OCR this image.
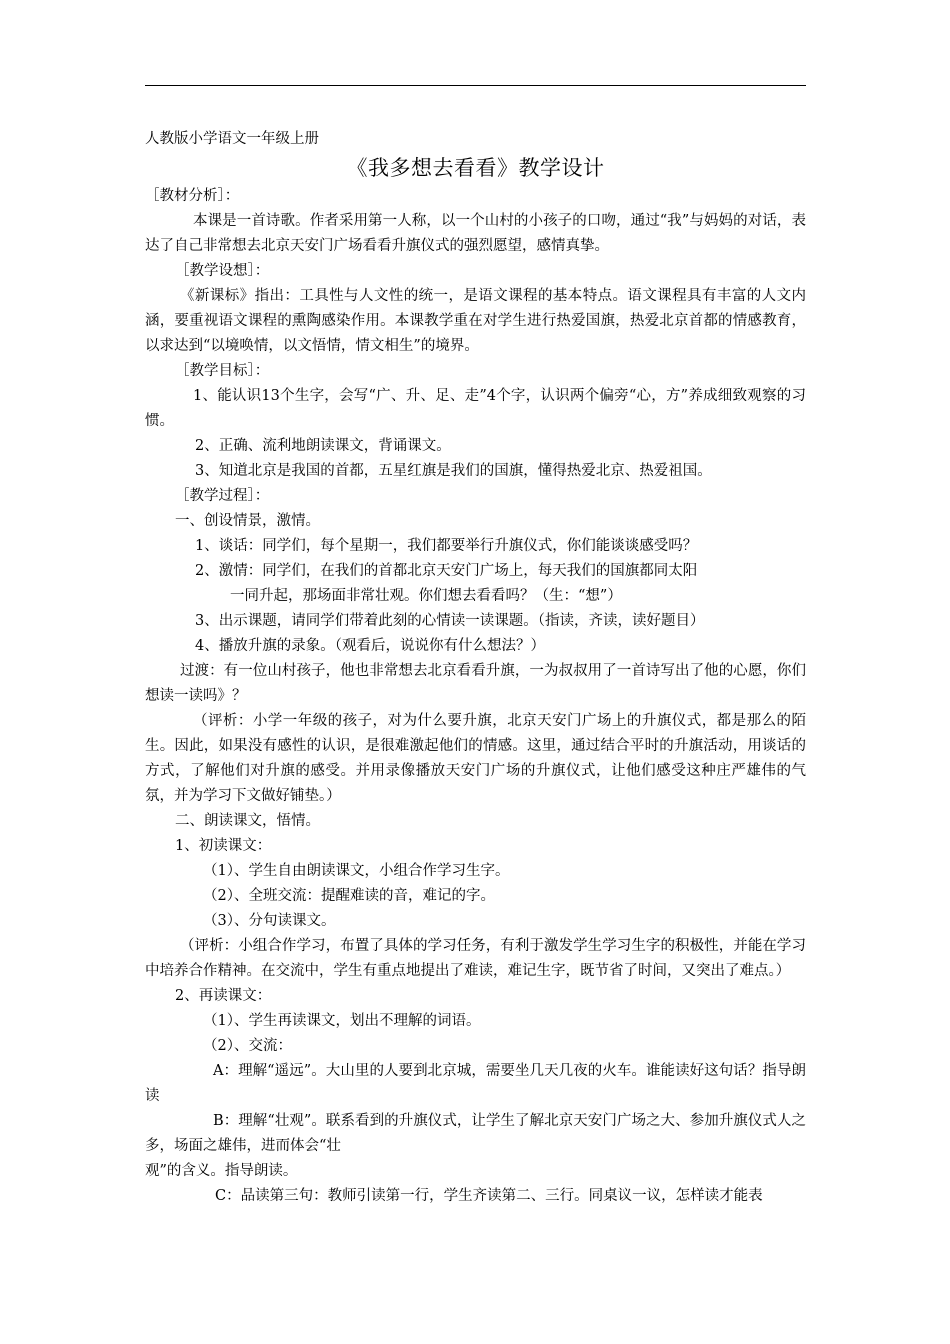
人教版小学语文一年级上册

《我多想去看看》教学设计

［教材分析］：

本课是一首诗歌。作者采用第一人称，以一个山村的小孩子的口吻，通过“我”与妈妈的对话，表达了自己非常想去北京天安门广场看看升旗仪式的强烈愿望，感情真挚。

［教学设想］：

《新课标》指出：工具性与人文性的统一，是语文课程的基本特点。语文课程具有丰富的人文内涵，要重视语文课程的熏陶感染作用。本课教学重在对学生进行热爱国旗，热爱北京首都的情感教育，以求达到“以境唤情，以文悟情，情文相生”的境界。

［教学目标］：

1、能认识13个生字，会写“广、升、足、走”4个字，认识两个偏旁“心，方”养成细致观察的习惯。

2、正确、流利地朗读课文，背诵课文。

3、知道北京是我国的首都，五星红旗是我们的国旗，懂得热爱北京、热爱祖国。

［教学过程］：

一、创设情景，激情。

1、谈话：同学们，每个星期一，我们都要举行升旗仪式，你们能谈谈感受吗？

2、激情：同学们，在我们的首都北京天安门广场上，每天我们的国旗都同太阳

一同升起，那场面非常壮观。你们想去看看吗？（生：“想”）

3、出示课题，请同学们带着此刻的心情读一读课题。（指读，齐读，读好题目）

4、播放升旗的录象。（观看后，说说你有什么想法？）

过渡：有一位山村孩子，他也非常想去北京看看升旗，一为叔叔用了一首诗写出了他的心愿，你们想读一读吗》？

（评析：小学一年级的孩子，对为什么要升旗，北京天安门广场上的升旗仪式，都是那么的陌生。因此，如果没有感性的认识，是很难激起他们的情感。这里，通过结合平时的升旗活动，用谈话的方式，了解他们对升旗的感受。并用录像播放天安门广场的升旗仪式，让他们感受这种庄严雄伟的气氛，并为学习下文做好铺垫。）

二、朗读课文，悟情。

1、初读课文：

（1）、学生自由朗读课文，小组合作学习生字。

（2）、全班交流：提醒难读的音，难记的字。

（3）、分句读课文。

（评析：小组合作学习，布置了具体的学习任务，有利于激发学生学习生字的积极性，并能在学习中培养合作精神。在交流中，学生有重点地提出了难读，难记生字，既节省了时间，又突出了难点。）

2、再读课文：

（1）、学生再读课文，划出不理解的词语。

（2）、交流：

A：理解“遥远”。大山里的人要到北京城，需要坐几天几夜的火车。谁能读好这句话？指导朗读

B：理解“壮观”。联系看到的升旗仪式，让学生了解北京天安门广场之大、参加升旗仪式人之多，场面之雄伟，进而体会“壮

观”的含义。指导朗读。

C：品读第三句：教师引读第一行，学生齐读第二、三行。同桌议一议，怎样读才能表
